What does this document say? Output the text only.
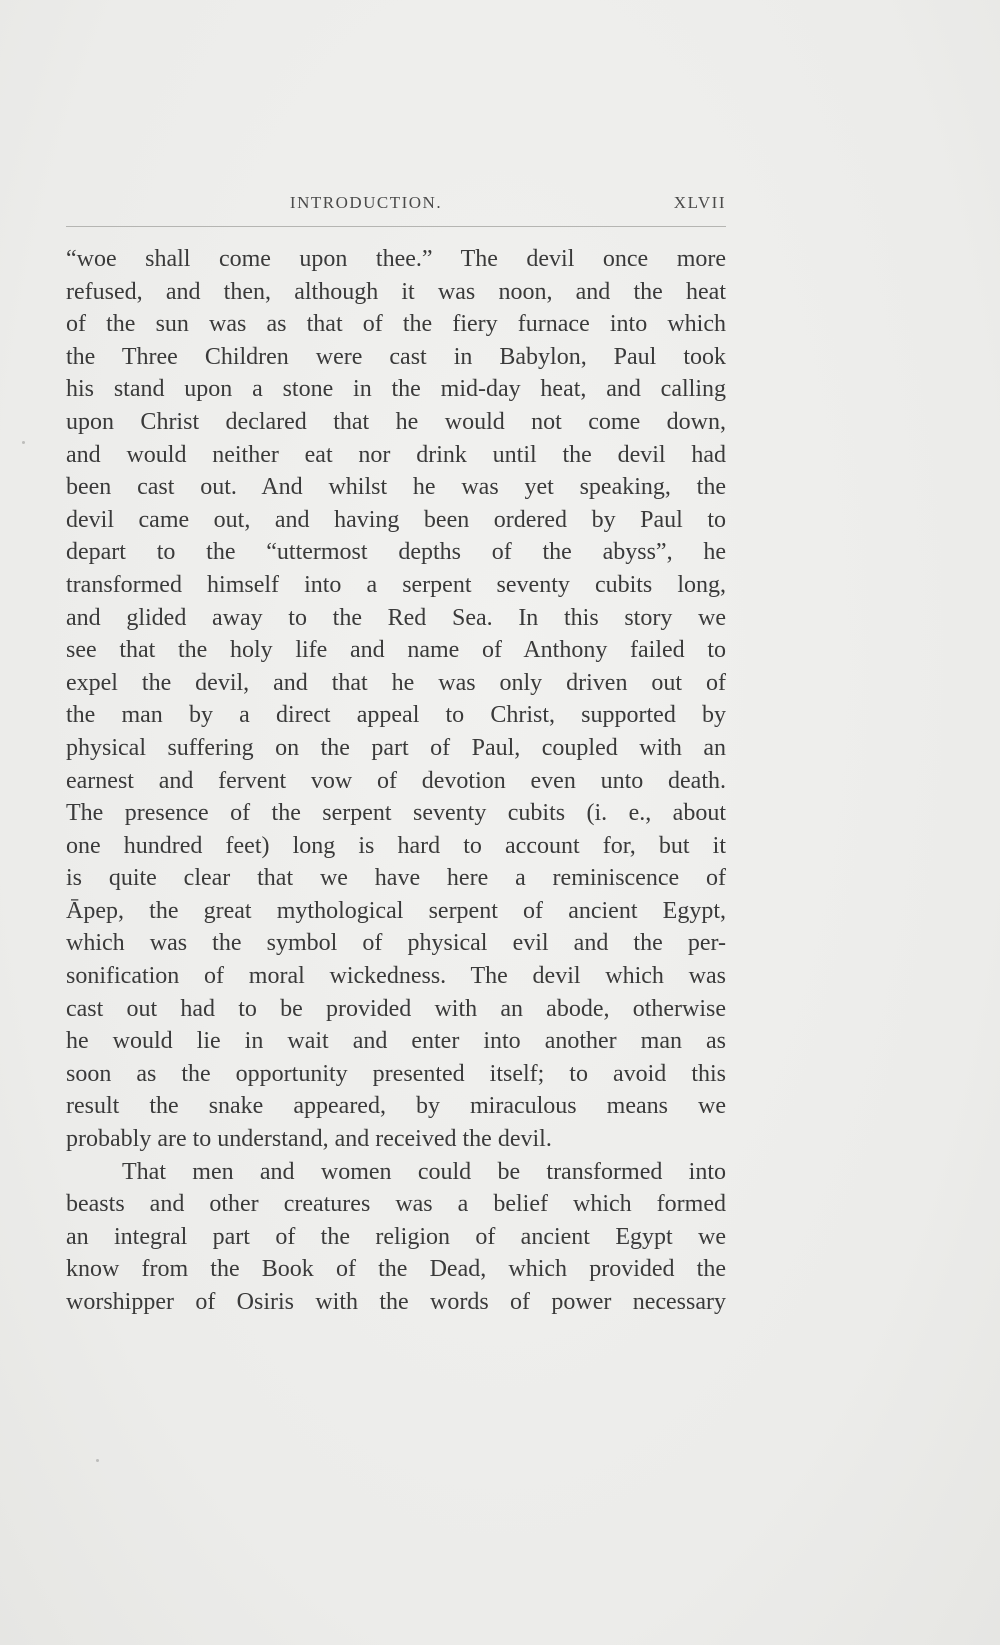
INTRODUCTION.	XLVII
“woe shall come upon thee.” The devil once more
refused, and then, although it was noon, and the heat
of the sun was as that of the fiery furnace into which
the Three Children were cast in Babylon, Paul took
his stand upon a stone in the mid-day heat, and calling
upon Christ declared that he would not come down,
and would neither eat nor drink until the devil had
been cast out. And whilst he was yet speaking, the
devil came out, and having been ordered by Paul to
depart to the “uttermost depths of the abyss”, he
transformed himself into a serpent seventy cubits long,
and glided away to the Red Sea. In this story we
see that the holy life and name of Anthony failed to
expel the devil, and that he was only driven out of
the man by a direct appeal to Christ, supported by
physical suffering on the part of Paul, coupled with an
earnest and fervent vow of devotion even unto death.
The presence of the serpent seventy cubits (i. e., about
one hundred feet) long is hard to account for, but it
is quite clear that we have here a reminiscence of
Āpep, the great mythological serpent of ancient Egypt,
which was the symbol of physical evil and the per-
sonification of moral wickedness. The devil which was
cast out had to be provided with an abode, otherwise
he would lie in wait and enter into another man as
soon as the opportunity presented itself; to avoid this
result the snake appeared, by miraculous means we
probably are to understand, and received the devil.
That men and women could be transformed into
beasts and other creatures was a belief which formed
an integral part of the religion of ancient Egypt we
know from the Book of the Dead, which provided the
worshipper of Osiris with the words of power necessary
